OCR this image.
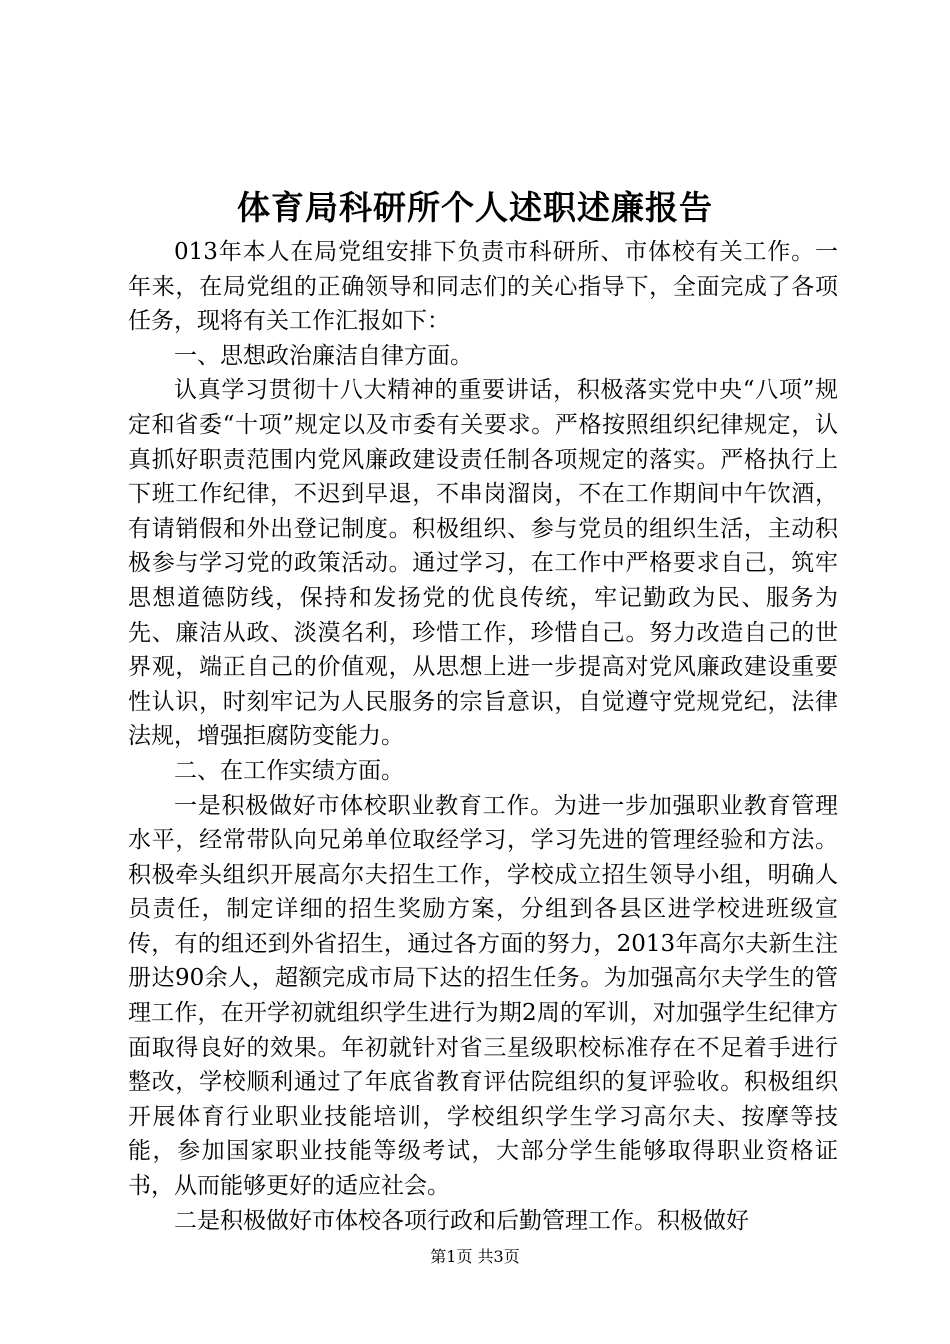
体育局科研所个人述职述廉报告

013年本人在局党组安排下负责市科研所、市体校有关工作。一年来，在局党组的正确领导和同志们的关心指导下，全面完成了各项任务，现将有关工作汇报如下：

一、思想政治廉洁自律方面。

认真学习贯彻十八大精神的重要讲话，积极落实党中央“八项”规定和省委“十项”规定以及市委有关要求。严格按照组织纪律规定，认真抓好职责范围内党风廉政建设责任制各项规定的落实。严格执行上下班工作纪律，不迟到早退，不串岗溜岗，不在工作期间中午饮酒，有请销假和外出登记制度。积极组织、参与党员的组织生活，主动积极参与学习党的政策活动。通过学习，在工作中严格要求自己，筑牢思想道德防线，保持和发扬党的优良传统，牢记勤政为民、服务为先、廉洁从政、淡漠名利，珍惜工作，珍惜自己。努力改造自己的世界观，端正自己的价值观，从思想上进一步提高对党风廉政建设重要性认识，时刻牢记为人民服务的宗旨意识，自觉遵守党规党纪，法律法规，增强拒腐防变能力。

二、在工作实绩方面。

一是积极做好市体校职业教育工作。为进一步加强职业教育管理水平，经常带队向兄弟单位取经学习，学习先进的管理经验和方法。积极牵头组织开展高尔夫招生工作，学校成立招生领导小组，明确人员责任，制定详细的招生奖励方案，分组到各县区进学校进班级宣传，有的组还到外省招生，通过各方面的努力，2013年高尔夫新生注册达90余人，超额完成市局下达的招生任务。为加强高尔夫学生的管理工作，在开学初就组织学生进行为期2周的军训，对加强学生纪律方面取得良好的效果。年初就针对省三星级职校标准存在不足着手进行整改，学校顺利通过了年底省教育评估院组织的复评验收。积极组织开展体育行业职业技能培训，学校组织学生学习高尔夫、按摩等技能，参加国家职业技能等级考试，大部分学生能够取得职业资格证书，从而能够更好的适应社会。

二是积极做好市体校各项行政和后勤管理工作。积极做好

第1页 共3页
